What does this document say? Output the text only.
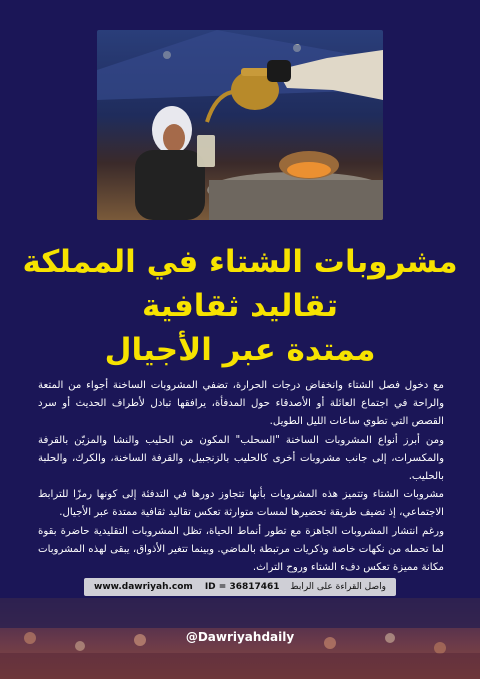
مشروبات الشتاء في المملكة
تقاليد ثقافية
ممتدة عبر الأجيال

مع دخول فصل الشتاء وانخفاض درجات الحرارة، تضفي المشروبات الساخنة أجواء من المتعة والراحة في اجتماع العائلة أو الأصدقاء حول المدفأة، يرافقها تبادل لأطراف الحديث أو سرد القصص التي تطوي ساعات الليل الطويل.

ومن أبرز أنواع المشروبات الساخنة "السحلب" المكون من الحليب والنشا والمزيّن بالقرفة والمكسرات، إلى جانب مشروبات أخرى كالحليب بالزنجبيل، والقرفة الساخنة، والكرك، والحلبة بالحليب.

مشروبات الشتاء وتتميز هذه المشروبات بأنها تتجاوز دورها في التدفئة إلى كونها رمزًا للترابط الاجتماعي، إذ تضيف طريقة تحضيرها لمسات متوارثة تعكس تقاليد ثقافية ممتدة عبر الأجيال.

ورغم انتشار المشروبات الجاهزة مع تطور أنماط الحياة، تظل المشروبات التقليدية حاضرة بقوة لما تحمله من نكهات خاصة وذكريات مرتبطة بالماضي. وبينما تتغير الأذواق، يبقى لهذه المشروبات مكانة مميزة تعكس دفء الشتاء وروح التراث.

www.dawriyah.com ID = 36817461 واصل القراءة على الرابط
@Dawriyahdaily
